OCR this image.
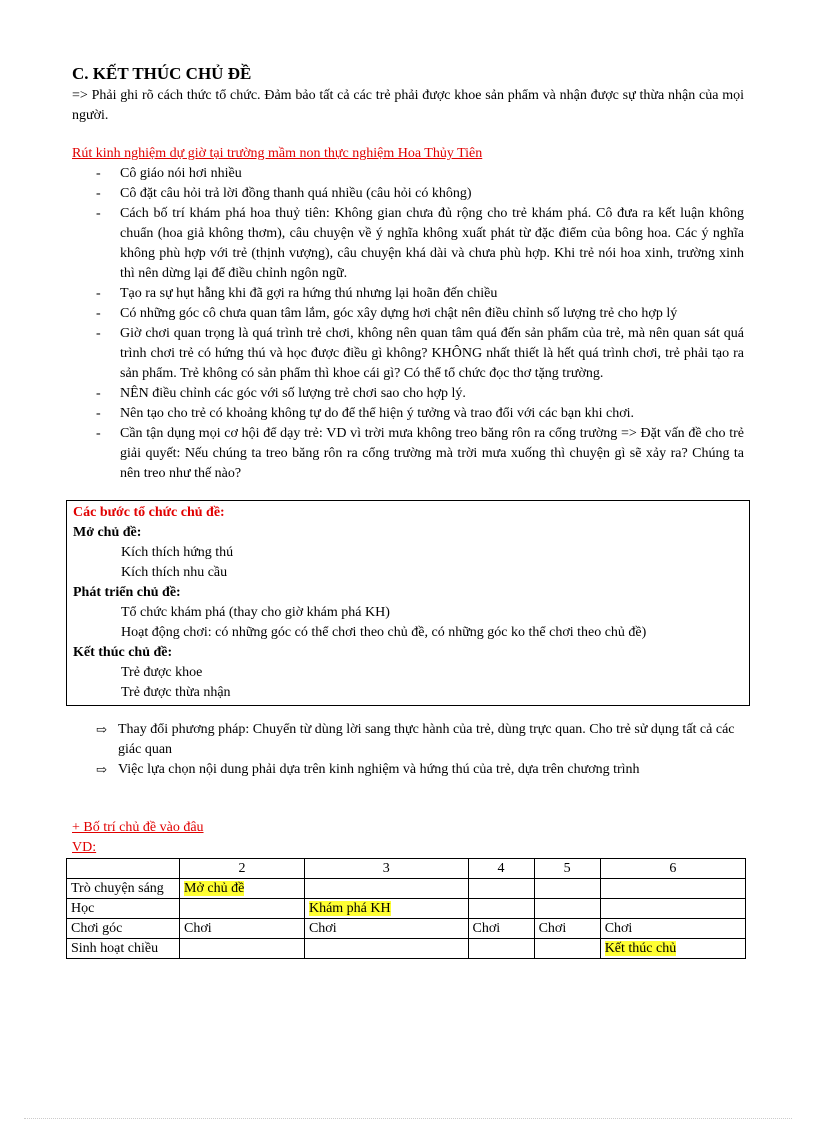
C. KẾT THÚC CHỦ ĐỀ

=> Phải ghi rõ cách thức tổ chức. Đảm bảo tất cả các trẻ phải được khoe sản phẩm và nhận được sự thừa nhận của mọi người.

Rút kinh nghiệm dự giờ tại trường mầm non thực nghiệm Hoa Thủy Tiên
- Cô giáo nói hơi nhiều
- Cô đặt câu hỏi trả lời đồng thanh quá nhiều (câu hỏi có không)
- Cách bố trí khám phá hoa thuỷ tiên: Không gian chưa đủ rộng cho trẻ khám phá. Cô đưa ra kết luận không chuẩn (hoa giả không thơm), câu chuyện về ý nghĩa không xuất phát từ đặc điểm của bông hoa. Các ý nghĩa không phù hợp với trẻ (thịnh vượng), câu chuyện khá dài và chưa phù hợp. Khi trẻ nói hoa xinh, trường xinh thì nên dừng lại để điều chỉnh ngôn ngữ.
- Tạo ra sự hụt hẫng khi đã gợi ra hứng thú nhưng lại hoãn đến chiều
- Có những góc cô chưa quan tâm lắm, góc xây dựng hơi chật nên điều chỉnh số lượng trẻ cho hợp lý
- Giờ chơi quan trọng là quá trình trẻ chơi, không nên quan tâm quá đến sản phẩm của trẻ, mà nên quan sát quá trình chơi trẻ có hứng thú và học được điều gì không? KHÔNG nhất thiết là hết quá trình chơi, trẻ phải tạo ra sản phẩm. Trẻ không có sản phẩm thì khoe cái gì? Có thể tổ chức đọc thơ tặng trường.
- NÊN điều chỉnh các góc với số lượng trẻ chơi sao cho hợp lý.
- Nên tạo cho trẻ có khoảng không tự do để thể hiện ý tưởng và trao đổi với các bạn khi chơi.
- Cần tận dụng mọi cơ hội để dạy trẻ: VD vì trời mưa không treo băng rôn ra cổng trường => Đặt vấn đề cho trẻ giải quyết: Nếu chúng ta treo băng rôn ra cổng trường mà trời mưa xuống thì chuyện gì sẽ xảy ra? Chúng ta nên treo như thế nào?
Các bước tổ chức chủ đề:
Mở chủ đề:
Kích thích hứng thú
Kích thích nhu cầu
Phát triển chủ đề:
Tổ chức khám phá (thay cho giờ khám phá KH)
Hoạt động chơi: có những góc có thể chơi theo chủ đề, có những góc ko thể chơi theo chủ đề)
Kết thúc chủ đề:
Trẻ được khoe
Trẻ được thừa nhận
⇨ Thay đổi phương pháp: Chuyển từ dùng lời sang thực hành của trẻ, dùng trực quan. Cho trẻ sử dụng tất cả các giác quan
⇨ Việc lựa chọn nội dung phải dựa trên kinh nghiệm và hứng thú của trẻ, dựa trên chương trình
+ Bố trí chủ đề vào đâu
VD:
	2	3	4	5	6
Trò chuyện sáng	Mở chủ đề				
Học		Khám phá KH			
Chơi góc	Chơi	Chơi	Chơi	Chơi	Chơi
Sinh hoạt chiều					Kết thúc chủ
